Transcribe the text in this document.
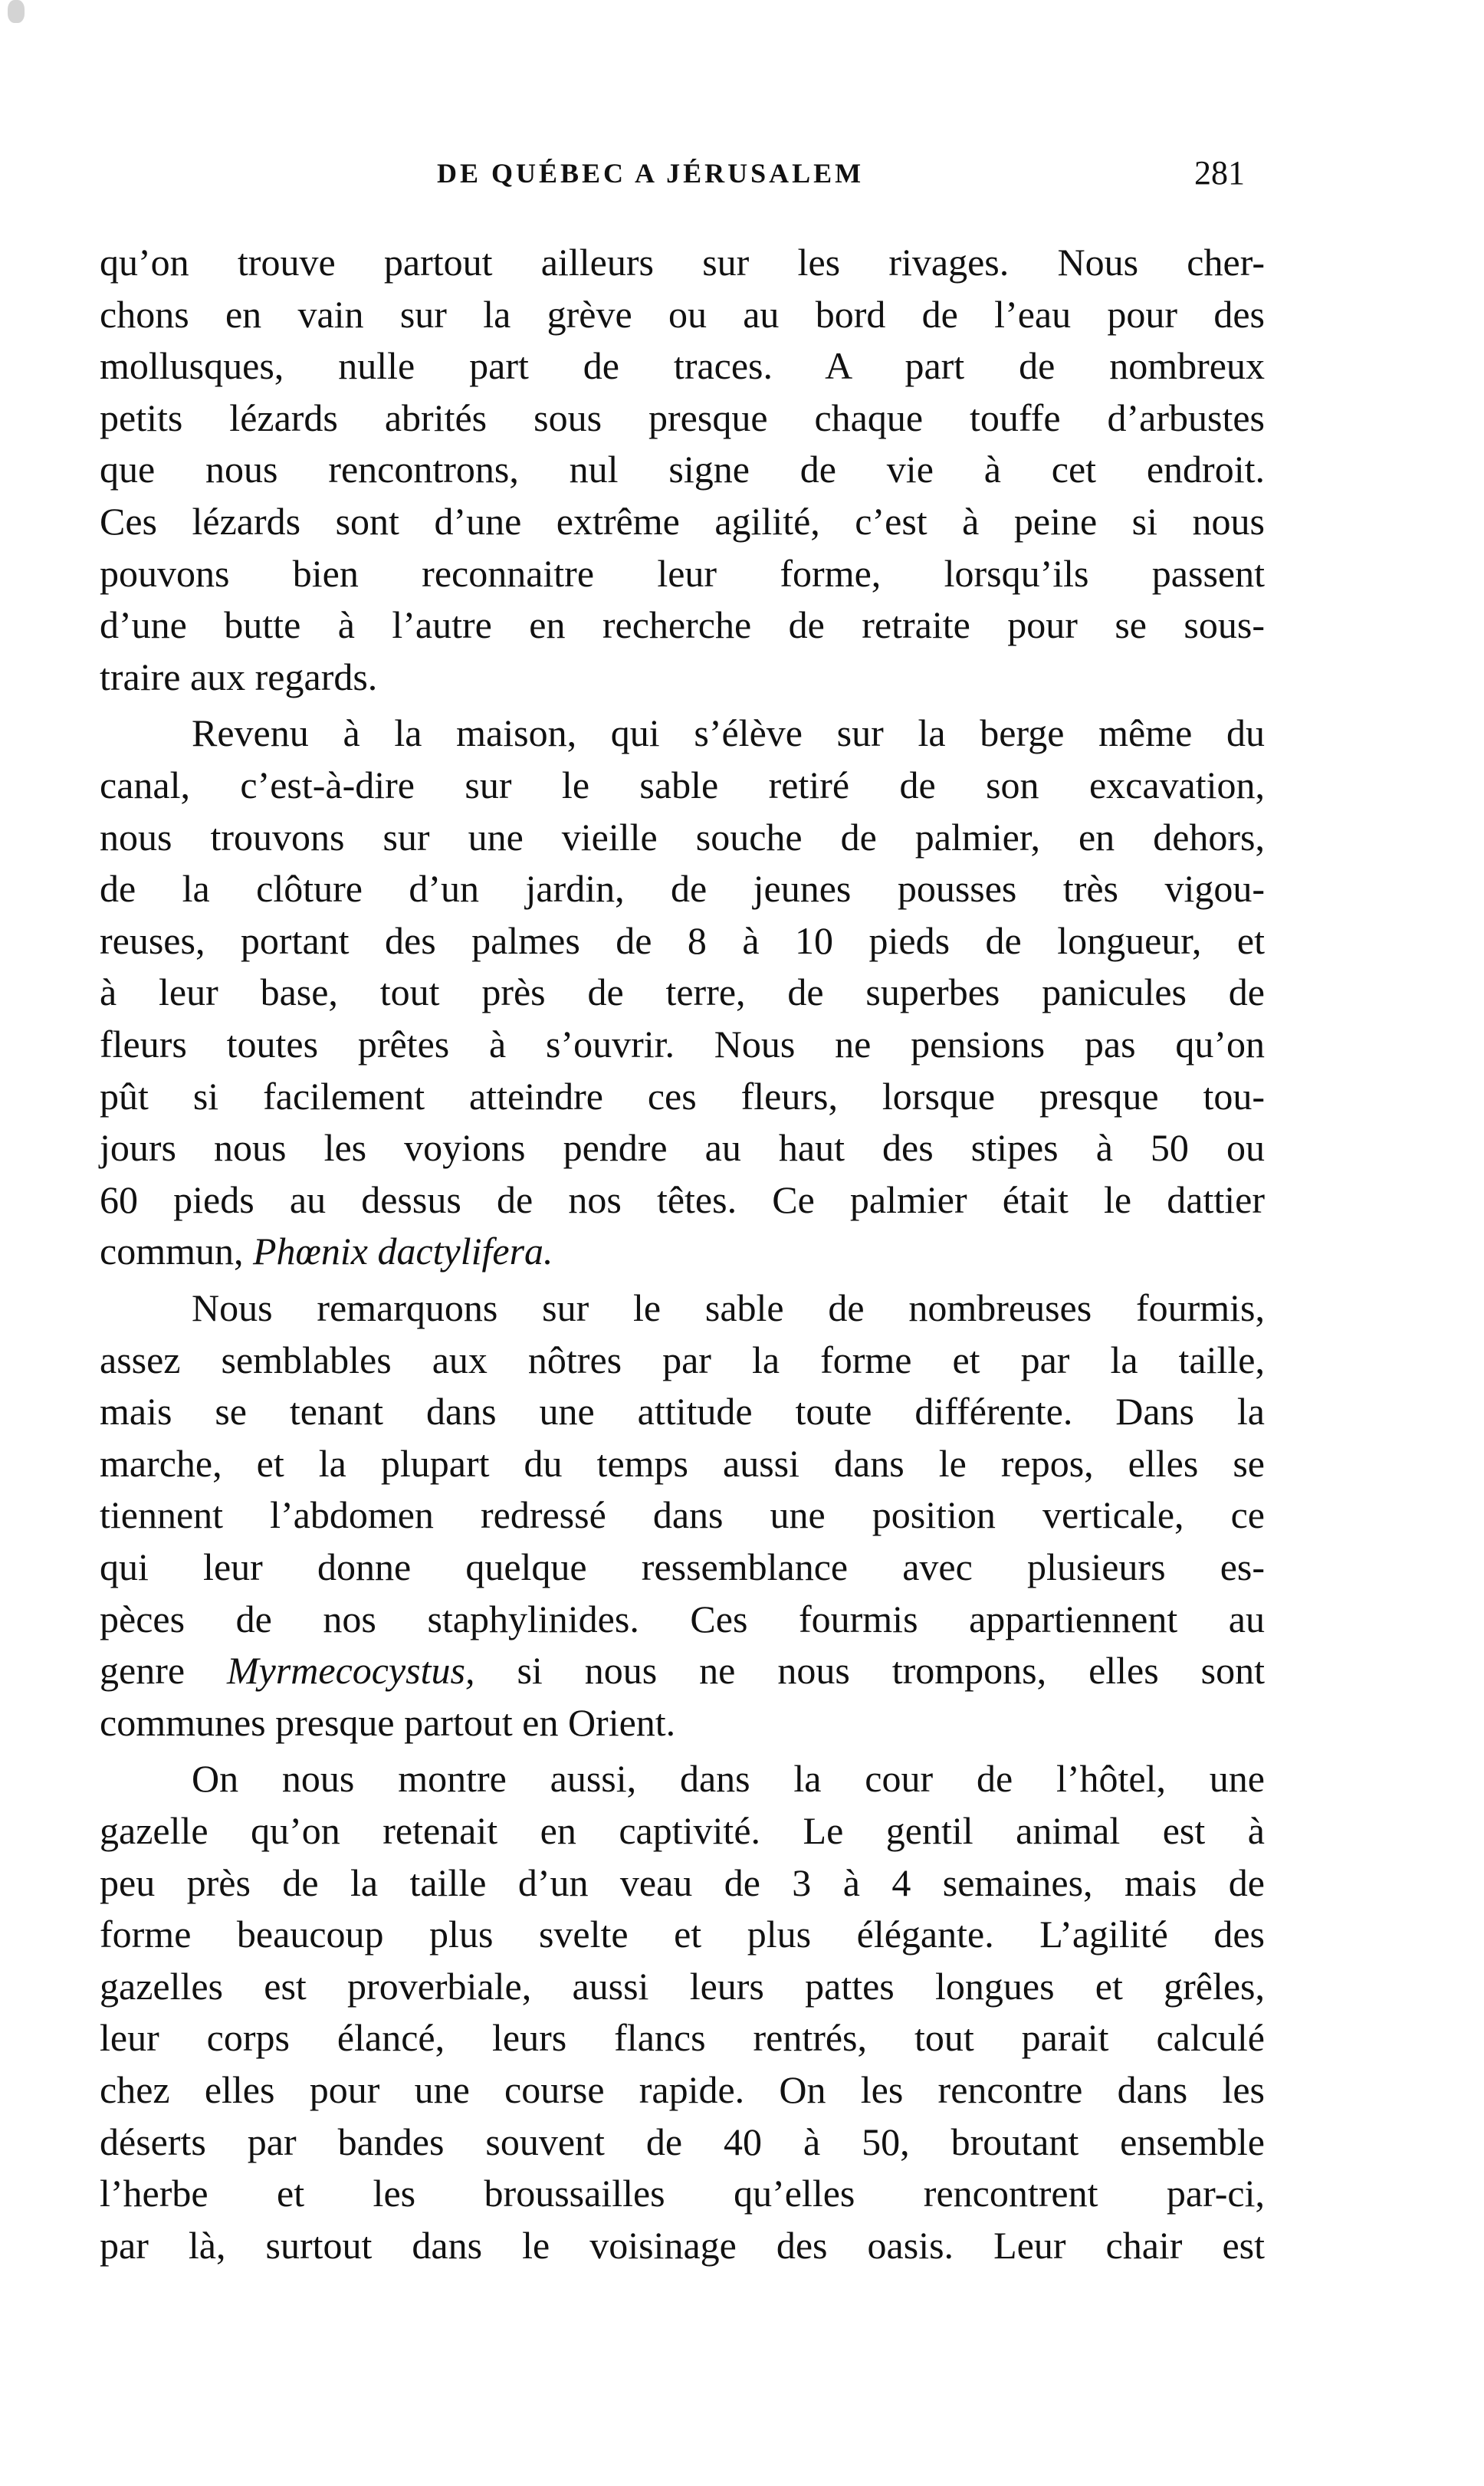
DE QUÉBEC A JÉRUSALEM	281
qu’on trouve partout ailleurs sur les rivages. Nous cher-
chons en vain sur la grève ou au bord de l’eau pour des
mollusques, nulle part de traces. A part de nombreux
petits lézards abrités sous presque chaque touffe d’arbustes
que nous rencontrons, nul signe de vie à cet endroit.
Ces lézards sont d’une extrême agilité, c’est à peine si nous
pouvons bien reconnaitre leur forme, lorsqu’ils passent
d’une butte à l’autre en recherche de retraite pour se sous-
traire aux regards.
Revenu à la maison, qui s’élève sur la berge même du
canal, c’est-à-dire sur le sable retiré de son excavation,
nous trouvons sur une vieille souche de palmier, en dehors,
de la clôture d’un jardin, de jeunes pousses très vigou-
reuses, portant des palmes de 8 à 10 pieds de longueur, et
à leur base, tout près de terre, de superbes panicules de
fleurs toutes prêtes à s’ouvrir. Nous ne pensions pas qu’on
pût si facilement atteindre ces fleurs, lorsque presque tou-
jours nous les voyions pendre au haut des stipes à 50 ou
60 pieds au dessus de nos têtes. Ce palmier était le dattier
commun, Phœnix dactylifera.
Nous remarquons sur le sable de nombreuses fourmis,
assez semblables aux nôtres par la forme et par la taille,
mais se tenant dans une attitude toute différente. Dans la
marche, et la plupart du temps aussi dans le repos, elles se
tiennent l’abdomen redressé dans une position verticale, ce
qui leur donne quelque ressemblance avec plusieurs es-
pèces de nos staphylinides. Ces fourmis appartiennent au
genre Myrmecocystus, si nous ne nous trompons, elles sont
communes presque partout en Orient.
On nous montre aussi, dans la cour de l’hôtel, une
gazelle qu’on retenait en captivité. Le gentil animal est à
peu près de la taille d’un veau de 3 à 4 semaines, mais de
forme beaucoup plus svelte et plus élégante. L’agilité des
gazelles est proverbiale, aussi leurs pattes longues et grêles,
leur corps élancé, leurs flancs rentrés, tout parait calculé
chez elles pour une course rapide. On les rencontre dans les
déserts par bandes souvent de 40 à 50, broutant ensemble
l’herbe et les broussailles qu’elles rencontrent par-ci,
par là, surtout dans le voisinage des oasis. Leur chair est
